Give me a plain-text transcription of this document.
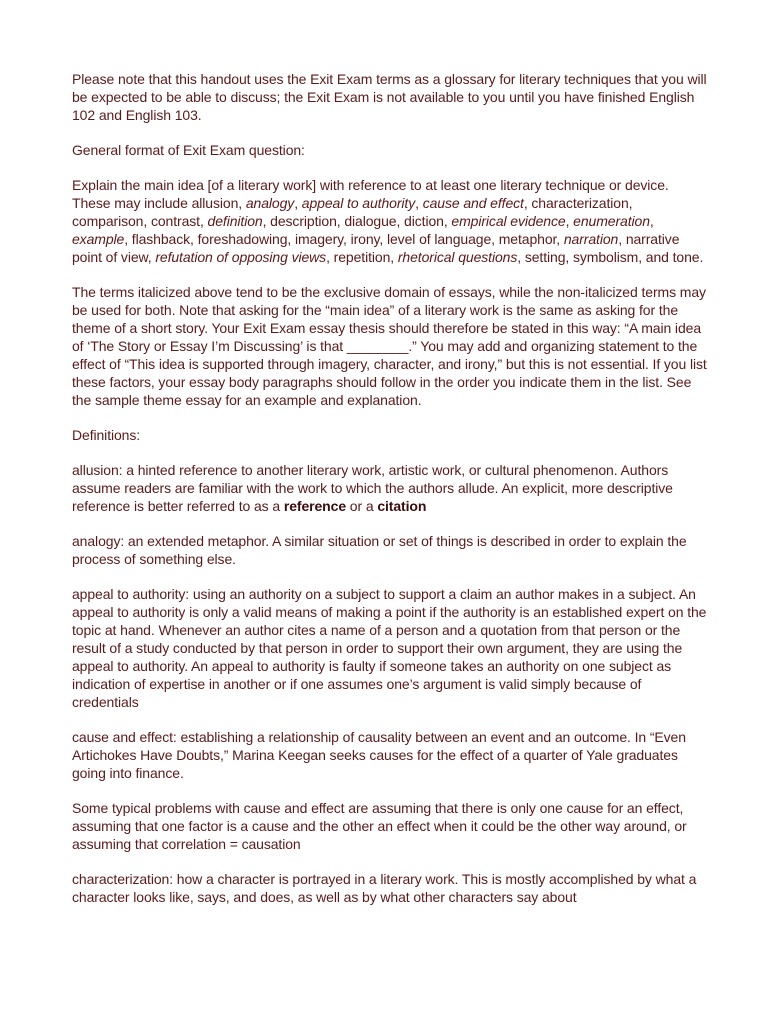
Please note that this handout uses the Exit Exam terms as a glossary for literary techniques that you will be expected to be able to discuss; the Exit Exam is not available to you until you have finished English 102 and English 103.

General format of Exit Exam question:

Explain the main idea [of a literary work] with reference to at least one literary technique or device. These may include allusion, analogy, appeal to authority, cause and effect, characterization, comparison, contrast, definition, description, dialogue, diction, empirical evidence, enumeration, example, flashback, foreshadowing, imagery, irony, level of language, metaphor, narration, narrative point of view, refutation of opposing views, repetition, rhetorical questions, setting, symbolism, and tone.

The terms italicized above tend to be the exclusive domain of essays, while the non-italicized terms may be used for both. Note that asking for the “main idea” of a literary work is the same as asking for the theme of a short story. Your Exit Exam essay thesis should therefore be stated in this way: “A main idea of ‘The Story or Essay I’m Discussing’ is that ________.” You may add and organizing statement to the effect of “This idea is supported through imagery, character, and irony,” but this is not essential. If you list these factors, your essay body paragraphs should follow in the order you indicate them in the list. See the sample theme essay for an example and explanation.

Definitions:

allusion: a hinted reference to another literary work, artistic work, or cultural phenomenon. Authors assume readers are familiar with the work to which the authors allude. An explicit, more descriptive reference is better referred to as a reference or a citation

analogy: an extended metaphor. A similar situation or set of things is described in order to explain the process of something else.

appeal to authority: using an authority on a subject to support a claim an author makes in a subject. An appeal to authority is only a valid means of making a point if the authority is an established expert on the topic at hand. Whenever an author cites a name of a person and a quotation from that person or the result of a study conducted by that person in order to support their own argument, they are using the appeal to authority. An appeal to authority is faulty if someone takes an authority on one subject as indication of expertise in another or if one assumes one’s argument is valid simply because of credentials

cause and effect: establishing a relationship of causality between an event and an outcome. In “Even Artichokes Have Doubts,” Marina Keegan seeks causes for the effect of a quarter of Yale graduates going into finance.

Some typical problems with cause and effect are assuming that there is only one cause for an effect, assuming that one factor is a cause and the other an effect when it could be the other way around, or assuming that correlation = causation

characterization: how a character is portrayed in a literary work. This is mostly accomplished by what a character looks like, says, and does, as well as by what other characters say about
